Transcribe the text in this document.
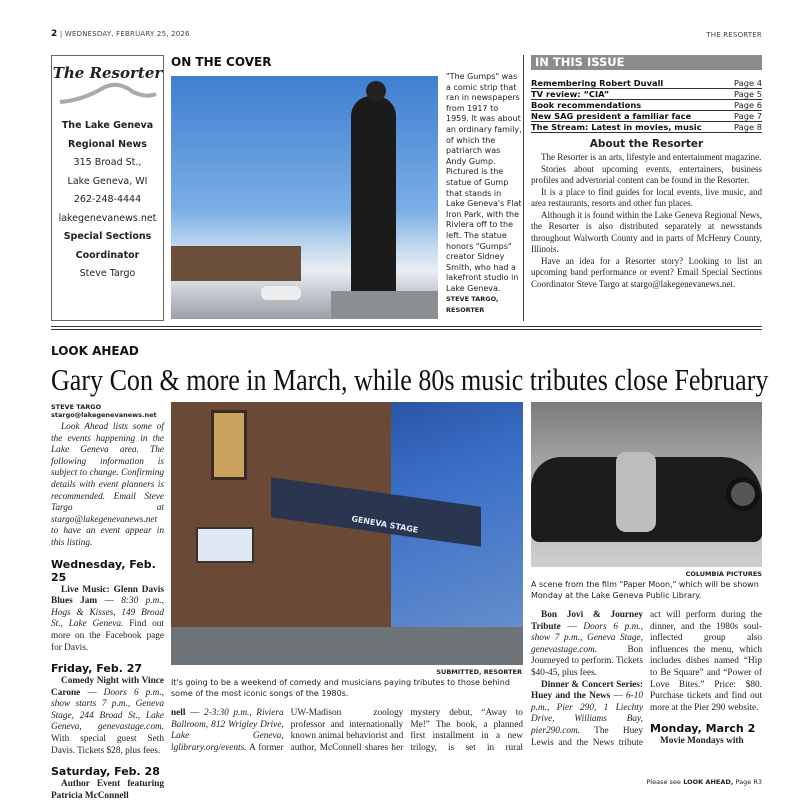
2 | WEDNESDAY, FEBRUARY 25, 2026	THE RESORTER
The Resorter
The Lake Geneva
Regional News
315 Broad St.,
Lake Geneva, WI
262-248-4444
lakegenevanews.net
Special Sections
Coordinator
Steve Targo
ON THE COVER
"The Gumps" was a comic strip that ran in newspapers from 1917 to 1959. It was about an ordinary family, of which the patriarch was Andy Gump. Pictured is the statue of Gump that stands in Lake Geneva's Flat Iron Park, with the Riviera off to the left. The statue honors "Gumps" creator Sidney Smith, who had a lakefront studio in Lake Geneva. STEVE TARGO, RESORTER
IN THIS ISSUE
Remembering Robert Duvall	Page 4
TV review: “CIA”	Page 5
Book recommendations	Page 6
New SAG president a familiar face	Page 7
The Stream: Latest in movies, music	Page 8
About the Resorter

The Resorter is an arts, lifestyle and entertainment magazine.

Stories about upcoming events, entertainers, business profiles and advertorial content can be found in the Resorter.

It is a place to find guides for local events, live music, and area restaurants, resorts and other fun places.

Although it is found within the Lake Geneva Regional News, the Resorter is also distributed separately at newsstands throughout Walworth County and in parts of McHenry County, Illinois.

Have an idea for a Resorter story? Looking to list an upcoming band performance or event? Email Special Sections Coordinator Steve Targo at stargo@lakegenevanews.net.

LOOK AHEAD
Gary Con & more in March, while 80s music tributes close February
STEVE TARGO
stargo@lakegenevanews.net
Look Ahead lists some of the events happening in the Lake Geneva area. The following information is subject to change. Confirming details with event planners is recommended. Email Steve Targo at stargo@lakegenevanews.net to have an event appear in this listing.
Wednesday, Feb. 25
Live Music: Glenn Davis Blues Jam — 8:30 p.m., Hogs & Kisses, 149 Broad St., Lake Geneva. Find out more on the Facebook page for Davis.
Friday, Feb. 27
Comedy Night with Vince Carone — Doors 6 p.m., show starts 7 p.m., Geneva Stage, 244 Broad St., Lake Geneva, genevastage.com. With special guest Seth Davis. Tickets $28, plus fees.
Saturday, Feb. 28
Author Event featuring Patricia McConnell
GENEVA STAGE
SUBMITTED, RESORTER
It's going to be a weekend of comedy and musicians paying tributes to those behind some of the most iconic songs of the 1980s.
COLUMBIA PICTURES
A scene from the film "Paper Moon," which will be shown Monday at the Lake Geneva Public Library.
nell — 2-3:30 p.m., Riviera Ballroom, 812 Wrigley Drive, Lake Geneva, lglibrary.org/events. A former UW-Madison zoology professor and internationally known animal behaviorist and author, McConnell shares her mystery debut, “Away to Me!” The book, a planned first installment in a new trilogy, is set in rural
Bon Jovi & Journey Tribute — Doors 6 p.m., show 7 p.m., Geneva Stage, genevastage.com.	Bon Journeyed to perform. Tickets $40-45, plus fees.
Dinner & Concert Series: Huey and the News — 6-10 p.m., Pier 290, 1 Liechty Drive, Williams Bay, pier290.com. The Huey Lewis and the News tribute act will perform during the dinner, and the 1980s soul-inflected group also influences the menu, which includes dishes named “Hip to Be Square” and “Power of Love Bites.” Price: $80. Purchase tickets and find out more at the Pier 290 website.
Monday, March 2
Movie Mondays with
Please see LOOK AHEAD, Page R3
